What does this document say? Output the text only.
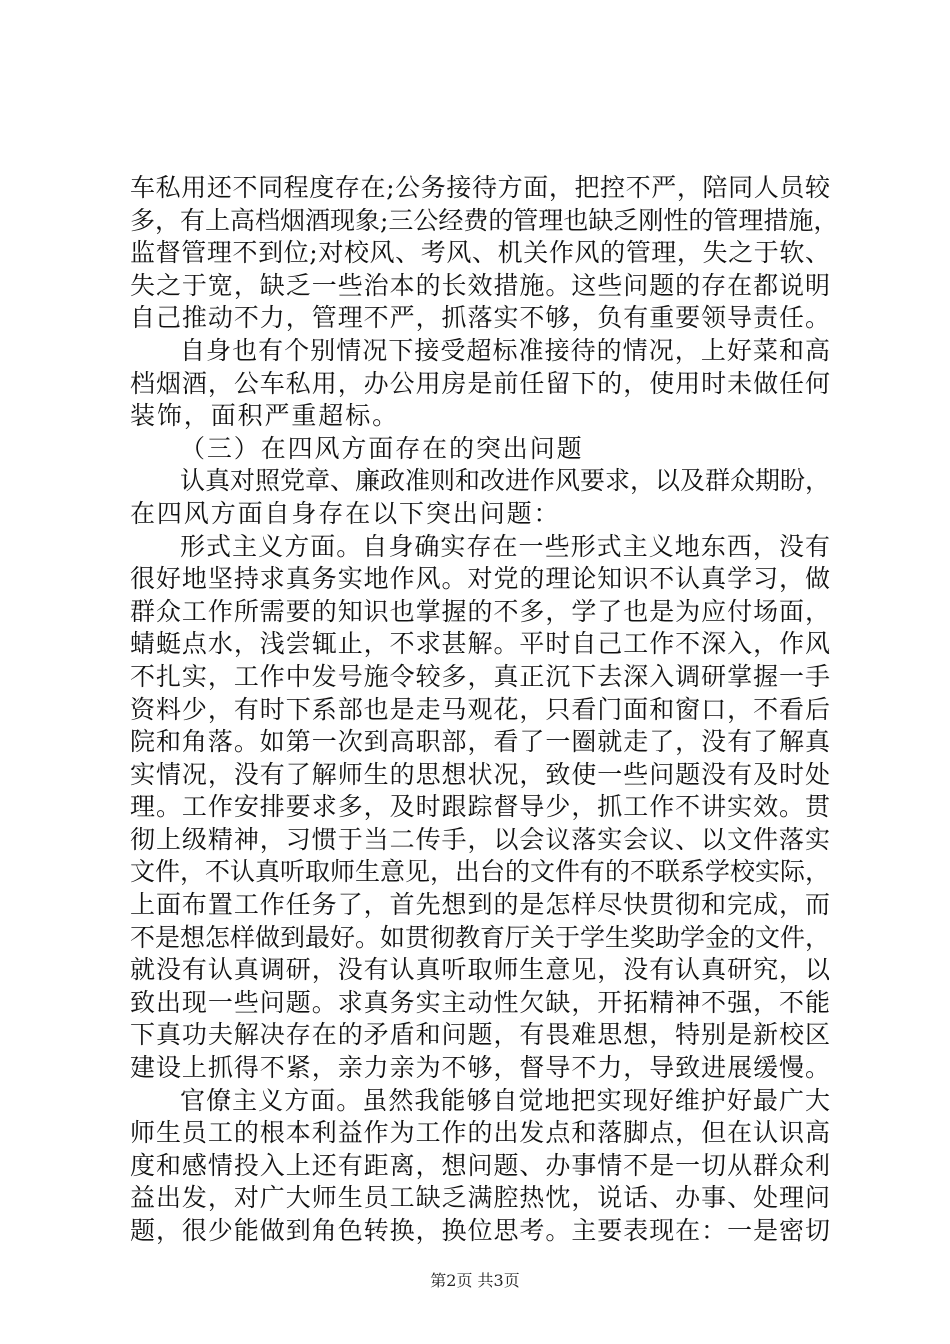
车私用还不同程度存在;公务接待方面，把控不严，陪同人员较
多，有上高档烟酒现象;三公经费的管理也缺乏刚性的管理措施，
监督管理不到位;对校风、考风、机关作风的管理，失之于软、
失之于宽，缺乏一些治本的长效措施。这些问题的存在都说明
自己推动不力，管理不严，抓落实不够，负有重要领导责任。
自身也有个别情况下接受超标准接待的情况，上好菜和高
档烟酒，公车私用，办公用房是前任留下的，使用时未做任何
装饰，面积严重超标。
（三）在四风方面存在的突出问题
认真对照党章、廉政准则和改进作风要求，以及群众期盼，
在四风方面自身存在以下突出问题：
形式主义方面。自身确实存在一些形式主义地东西，没有
很好地坚持求真务实地作风。对党的理论知识不认真学习，做
群众工作所需要的知识也掌握的不多，学了也是为应付场面，
蜻蜓点水，浅尝辄止，不求甚解。平时自己工作不深入，作风
不扎实，工作中发号施令较多，真正沉下去深入调研掌握一手
资料少，有时下系部也是走马观花，只看门面和窗口，不看后
院和角落。如第一次到高职部，看了一圈就走了，没有了解真
实情况，没有了解师生的思想状况，致使一些问题没有及时处
理。工作安排要求多，及时跟踪督导少，抓工作不讲实效。贯
彻上级精神，习惯于当二传手，以会议落实会议、以文件落实
文件，不认真听取师生意见，出台的文件有的不联系学校实际，
上面布置工作任务了，首先想到的是怎样尽快贯彻和完成，而
不是想怎样做到最好。如贯彻教育厅关于学生奖助学金的文件，
就没有认真调研，没有认真听取师生意见，没有认真研究，以
致出现一些问题。求真务实主动性欠缺，开拓精神不强，不能
下真功夫解决存在的矛盾和问题，有畏难思想，特别是新校区
建设上抓得不紧，亲力亲为不够，督导不力，导致进展缓慢。
官僚主义方面。虽然我能够自觉地把实现好维护好最广大
师生员工的根本利益作为工作的出发点和落脚点，但在认识高
度和感情投入上还有距离，想问题、办事情不是一切从群众利
益出发，对广大师生员工缺乏满腔热忱，说话、办事、处理问
题，很少能做到角色转换，换位思考。主要表现在：一是密切
第2页 共3页
